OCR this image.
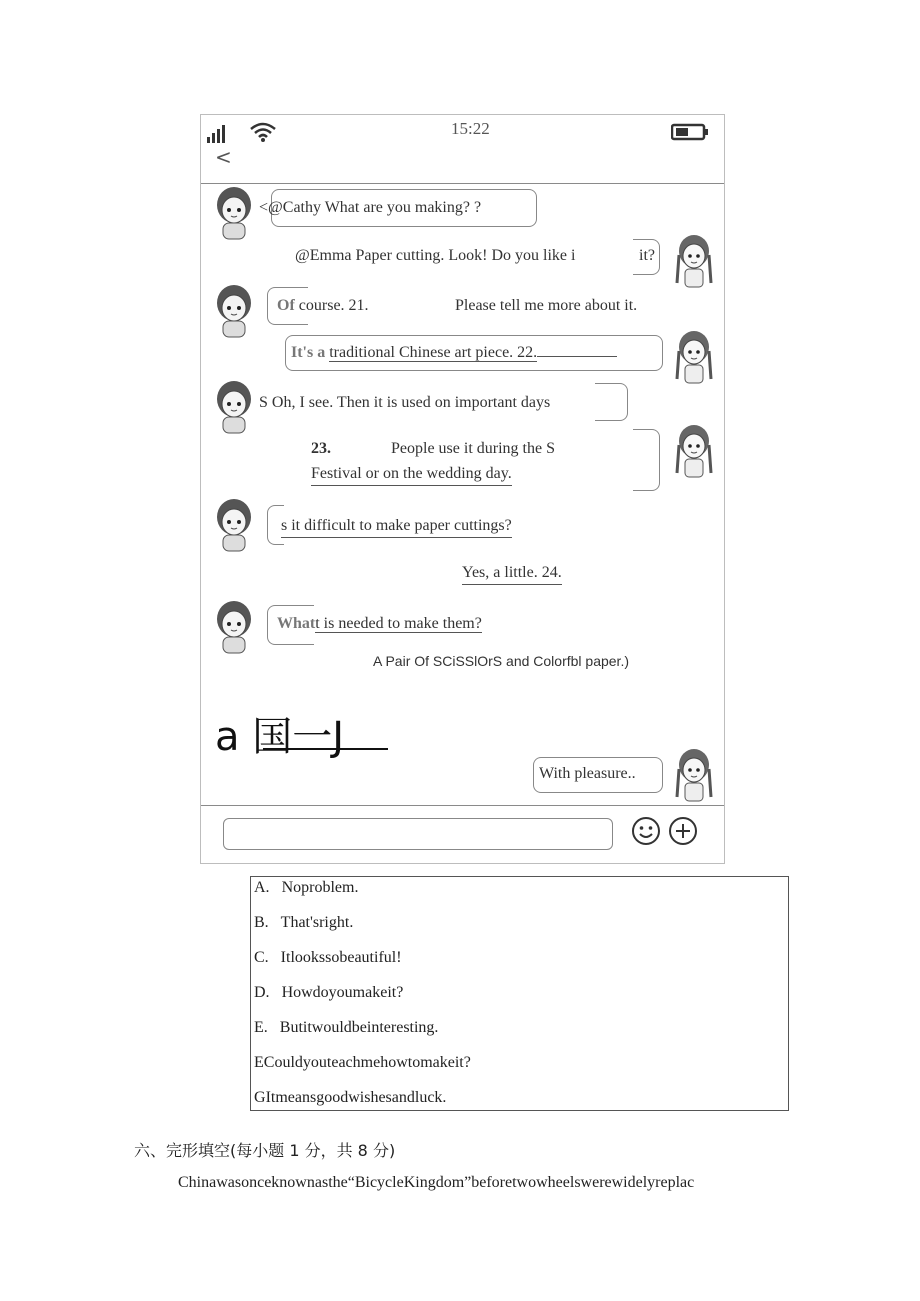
15:22
<
<@Cathy What are you making? ?
@Emma Paper cutting. Look! Do you like i	it?
Of course. 21.	Please tell me more about it.
It's a traditional Chinese art piece. 22.
S Oh, I see. Then it is used on important days
23.	People use it during the S
Festival or on the wedding day.
s it difficult to make paper cuttings?
Yes, a little. 24.
Whatt is needed to make them?
A Pair Of SCiSSlOrS and Colorfbl paper.)
a 国一J
With pleasure..
A. Noproblem.
B. That'sright.
C. Itlookssobeautiful!
D. Howdoyoumakeit?
E. Butitwouldbeinteresting.
ECouldyouteachmehowtomakeit?
GItmeansgoodwishesandluck.
六、完形填空(每小题 1 分，共 8 分)
Chinawasonceknownasthe“BicycleKingdom”beforetwowheelswerewidelyreplac
